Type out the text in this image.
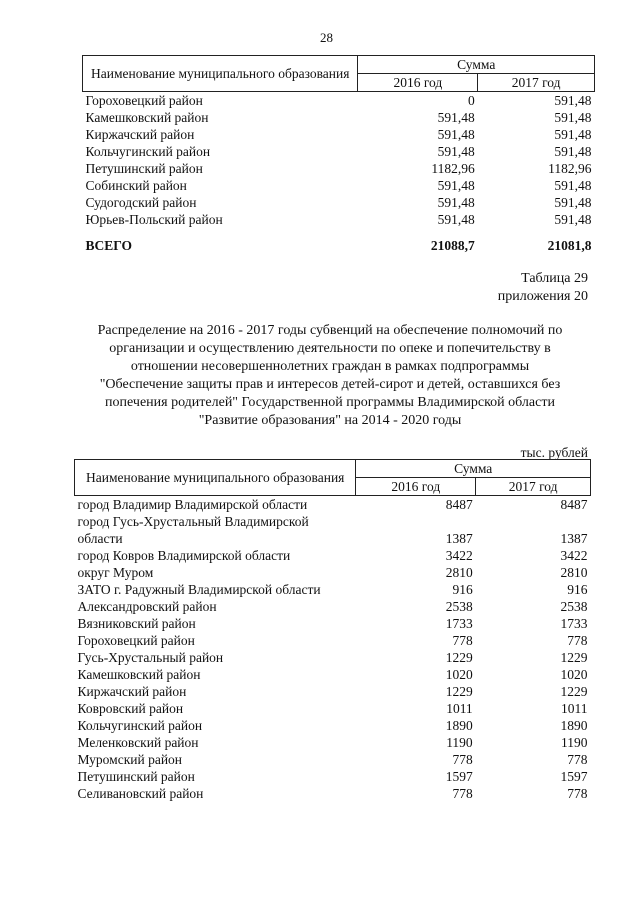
28
Наименование муниципального образования	Сумма	
	2016 год	2017 год
Гороховецкий район	0	591,48
Камешковский район	591,48	591,48
Киржачский район	591,48	591,48
Кольчугинский район	591,48	591,48
Петушинский район	1182,96	1182,96
Собинский район	591,48	591,48
Судогодский район	591,48	591,48
Юрьев-Польский район	591,48	591,48
ВСЕГО	21088,7	21081,8
Таблица 29
приложения 20
Распределение на 2016 - 2017 годы субвенций на обеспечение полномочий по
организации и осуществлению деятельности по опеке и попечительству в
отношении несовершеннолетних граждан в рамках подпрограммы
"Обеспечение защиты прав и интересов детей-сирот и детей, оставшихся без
попечения родителей" Государственной программы Владимирской области
"Развитие образования" на 2014 - 2020 годы
тыс. рублей
Наименование муниципального образования	Сумма	
	2016 год	2017 год
город Владимир Владимирской области	8487	8487
город Гусь-Хрустальный Владимирской области	1387	1387
город Ковров Владимирской области	3422	3422
округ Муром	2810	2810
ЗАТО г. Радужный Владимирской области	916	916
Александровский район	2538	2538
Вязниковский район	1733	1733
Гороховецкий район	778	778
Гусь-Хрустальный район	1229	1229
Камешковский район	1020	1020
Киржачский район	1229	1229
Ковровский район	1011	1011
Кольчугинский район	1890	1890
Меленковский район	1190	1190
Муромский район	778	778
Петушинский район	1597	1597
Селивановский район	778	778
